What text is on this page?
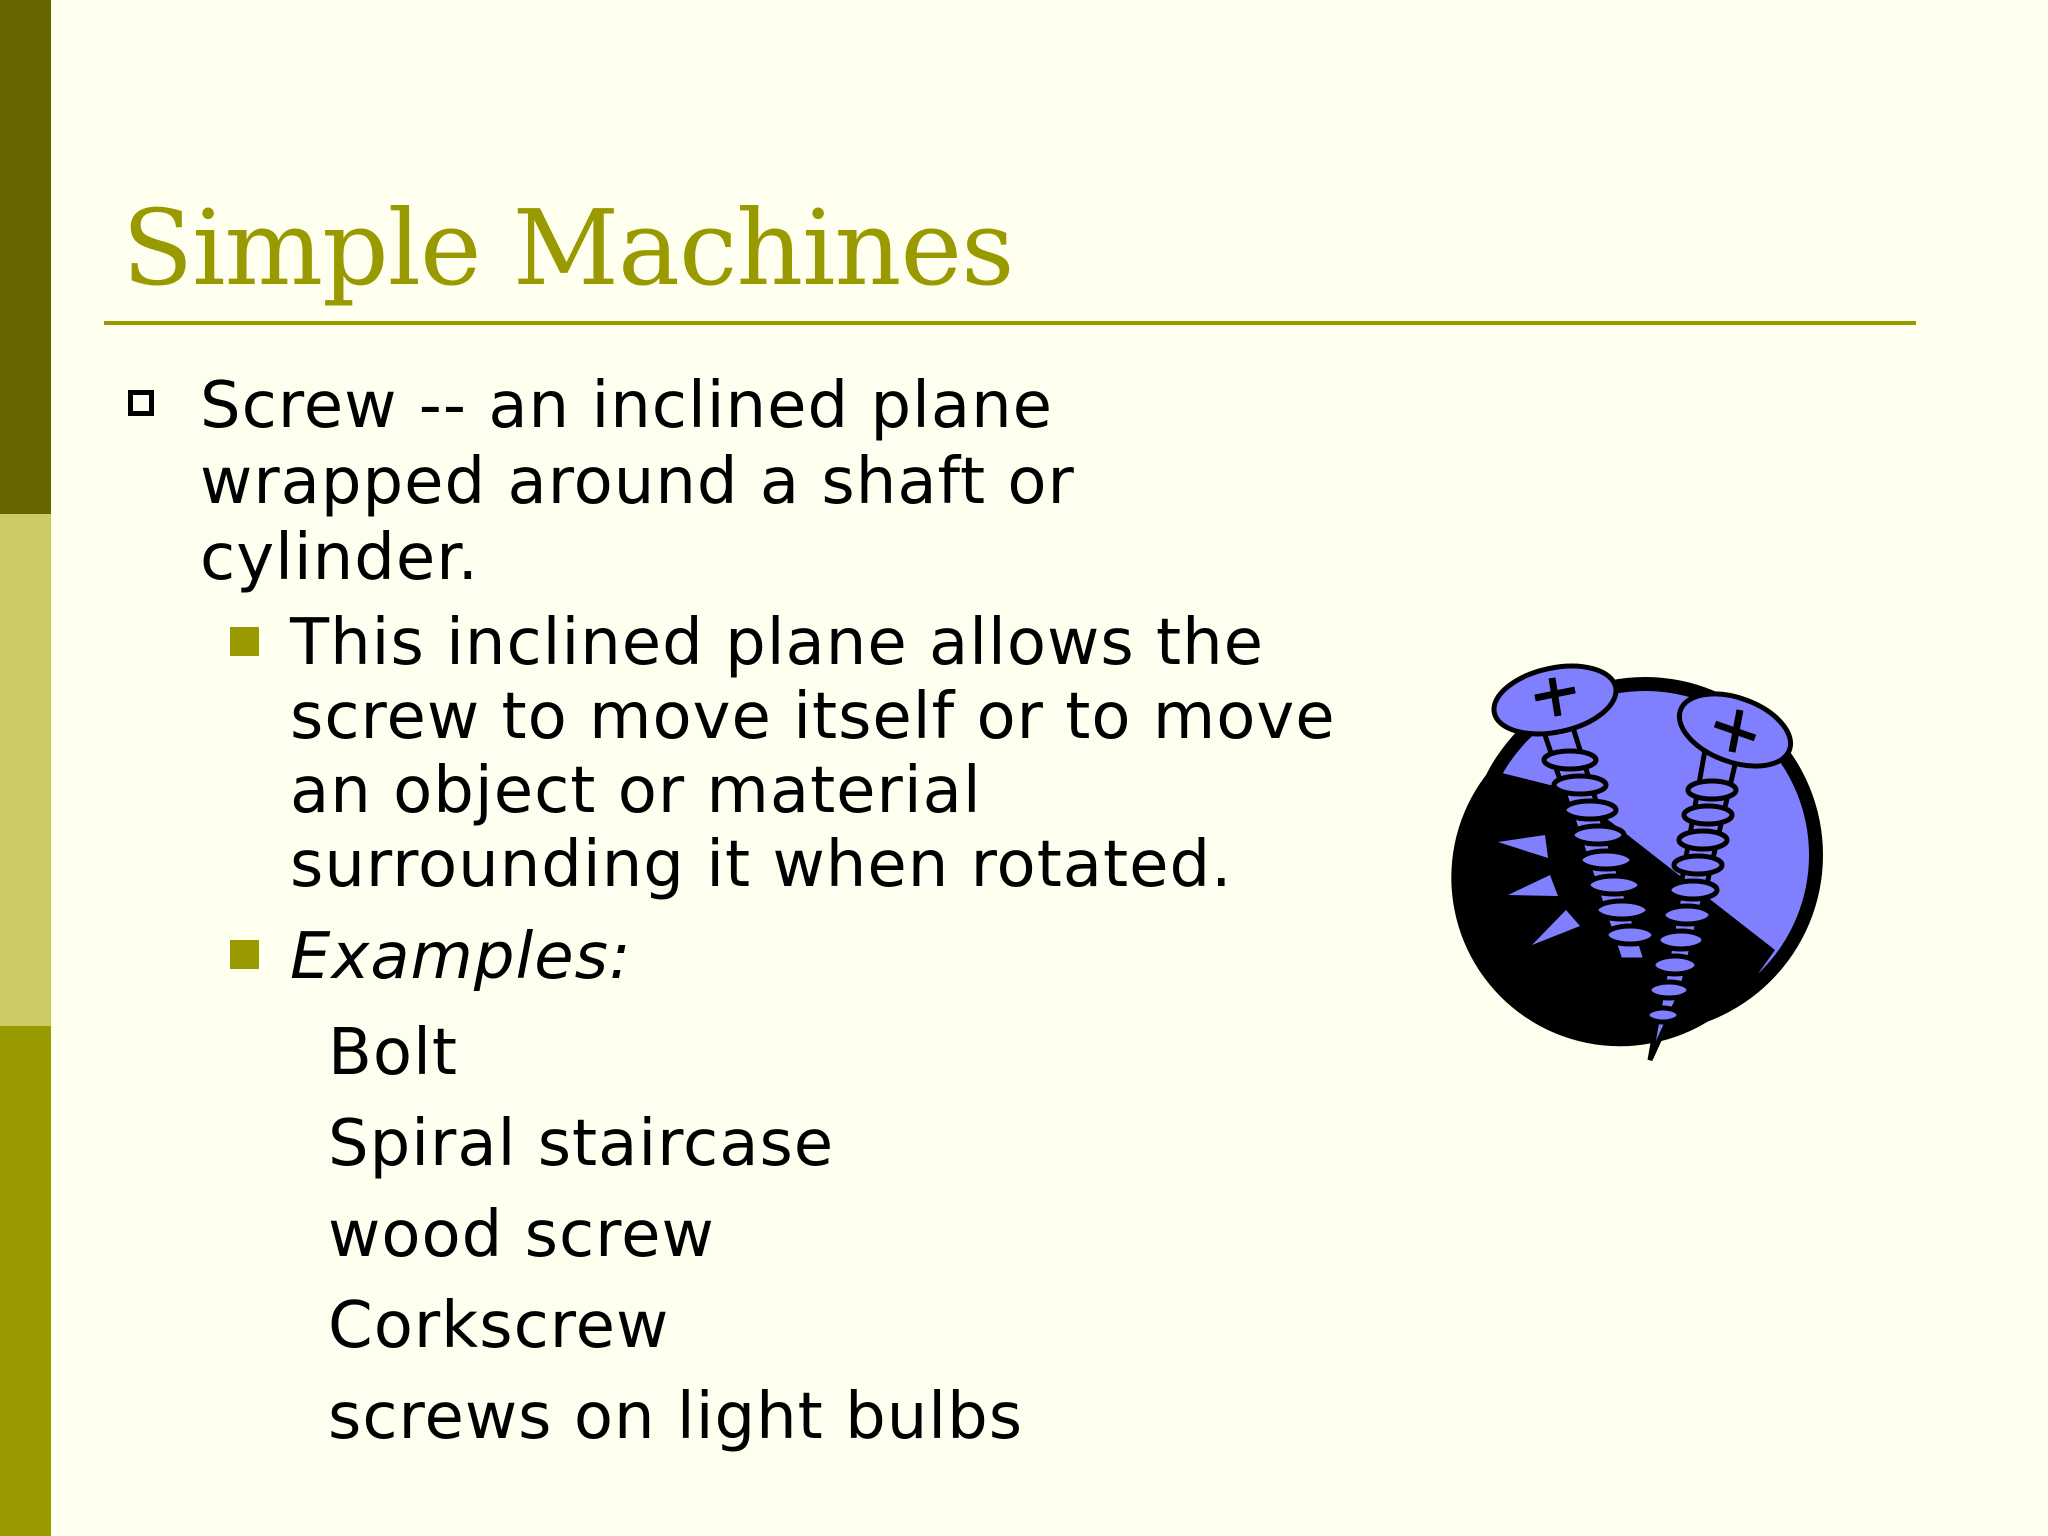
Simple Machines
Screw -- an inclined plane wrapped around a shaft or cylinder.
This inclined plane allows the screw to move itself or to move an object or material surrounding it when rotated.
Examples:
Bolt
Spiral staircase
wood screw
Corkscrew
screws on light bulbs
